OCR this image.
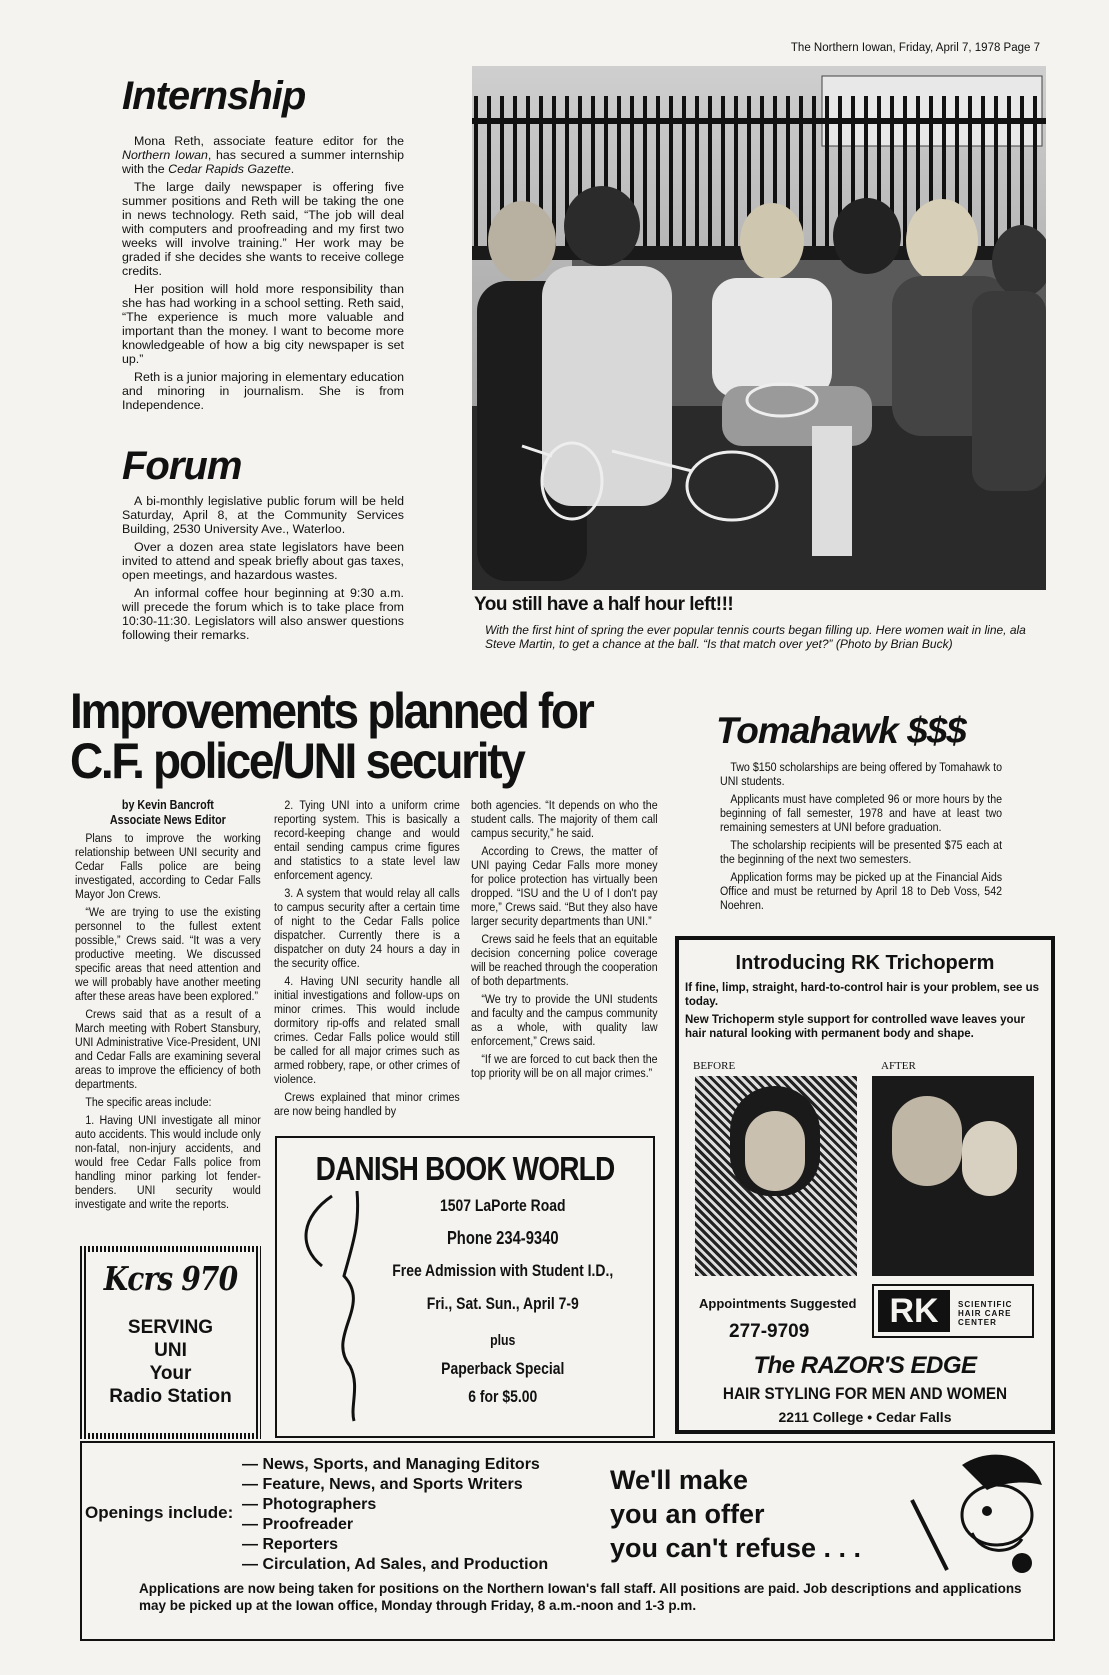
The Northern Iowan, Friday, April 7, 1978 Page 7
Internship

Mona Reth, associate feature editor for the Northern Iowan, has secured a summer internship with the Cedar Rapids Gazette.

The large daily newspaper is offering five summer positions and Reth will be taking the one in news technology. Reth said, “The job will deal with computers and proofreading and my first two weeks will involve training.” Her work may be graded if she decides she wants to receive college credits.

Her position will hold more responsibility than she has had working in a school setting. Reth said, “The experience is much more valuable and important than the money. I want to become more knowledgeable of how a big city newspaper is set up.”

Reth is a junior majoring in elementary education and minoring in journalism. She is from Independence.

Forum

A bi-monthly legislative public forum will be held Saturday, April 8, at the Community Services Building, 2530 University Ave., Waterloo.

Over a dozen area state legislators have been invited to attend and speak briefly about gas taxes, open meetings, and hazardous wastes.

An informal coffee hour beginning at 9:30 a.m. will precede the forum which is to take place from 10:30-11:30. Legislators will also answer questions following their remarks.

You still have a half hour left!!!
With the first hint of spring the ever popular tennis courts began filling up. Here women wait in line, ala Steve Martin, to get a chance at the ball. “Is that match over yet?” (Photo by Brian Buck)
Improvements planned for
C.F. police/UNI security
by Kevin Bancroft
Associate News Editor

Plans to improve the working relationship between UNI security and Cedar Falls police are being investigated, according to Cedar Falls Mayor Jon Crews.

“We are trying to use the existing personnel to the fullest extent possible,” Crews said. “It was a very productive meeting. We discussed specific areas that need attention and we will probably have another meeting after these areas have been explored.”

Crews said that as a result of a March meeting with Robert Stansbury, UNI Administrative Vice-President, UNI and Cedar Falls are examining several areas to improve the efficiency of both departments.

The specific areas include:

1. Having UNI investigate all minor auto accidents. This would include only non-fatal, non-injury accidents, and would free Cedar Falls police from handling minor parking lot fender-benders. UNI security would investigate and write the reports.

2. Tying UNI into a uniform crime reporting system. This is basically a record-keeping change and would entail sending campus crime figures and statistics to a state level law enforcement agency.

3. A system that would relay all calls to campus security after a certain time of night to the Cedar Falls police dispatcher. Currently there is a dispatcher on duty 24 hours a day in the security office.

4. Having UNI security handle all initial investigations and follow-ups on minor crimes. This would include dormitory rip-offs and related small crimes. Cedar Falls police would still be called for all major crimes such as armed robbery, rape, or other crimes of violence.

Crews explained that minor crimes are now being handled by

both agencies. “It depends on who the student calls. The majority of them call campus security,” he said.

According to Crews, the matter of UNI paying Cedar Falls more money for police protection has virtually been dropped. “ISU and the U of I don't pay more,” Crews said. “But they also have larger security departments than UNI.”

Crews said he feels that an equitable decision concerning police coverage will be reached through the cooperation of both departments.

“We try to provide the UNI students and faculty and the campus community as a whole, with quality law enforcement,” Crews said.

“If we are forced to cut back then the top priority will be on all major crimes.”

Tomahawk $$$

Two $150 scholarships are being offered by Tomahawk to UNI students.

Applicants must have completed 96 or more hours by the beginning of fall semester, 1978 and have at least two remaining semesters at UNI before graduation.

The scholarship recipients will be presented $75 each at the beginning of the next two semesters.

Application forms may be picked up at the Financial Aids Office and must be returned by April 18 to Deb Voss, 542 Noehren.

Kcrs 970
SERVING
UNI
Your
Radio Station
DANISH BOOK WORLD
1507 LaPorte Road
Phone 234-9340
Free Admission with Student I.D.,
Fri., Sat. Sun., April 7-9
plus
Paperback Special
6 for $5.00
Introducing RK Trichoperm
If fine, limp, straight, hard-to-control hair is your problem, see us today.
New Trichoperm style support for controlled wave leaves your hair natural looking with permanent body and shape.
BEFORE	AFTER
Appointments Suggested
277-9709
RK	SCIENTIFIC
HAIR CARE
CENTER
The RAZOR'S EDGE
HAIR STYLING FOR MEN AND WOMEN
2211 College • Cedar Falls
Openings include:
— News, Sports, and Managing Editors
— Feature, News, and Sports Writers
— Photographers
— Proofreader
— Reporters
— Circulation, Ad Sales, and Production
We'll make
you an offer
you can't refuse . . .
Applications are now being taken for positions on the Northern Iowan's fall staff. All positions are paid. Job descriptions and applications may be picked up at the Iowan office, Monday through Friday, 8 a.m.-noon and 1-3 p.m.
